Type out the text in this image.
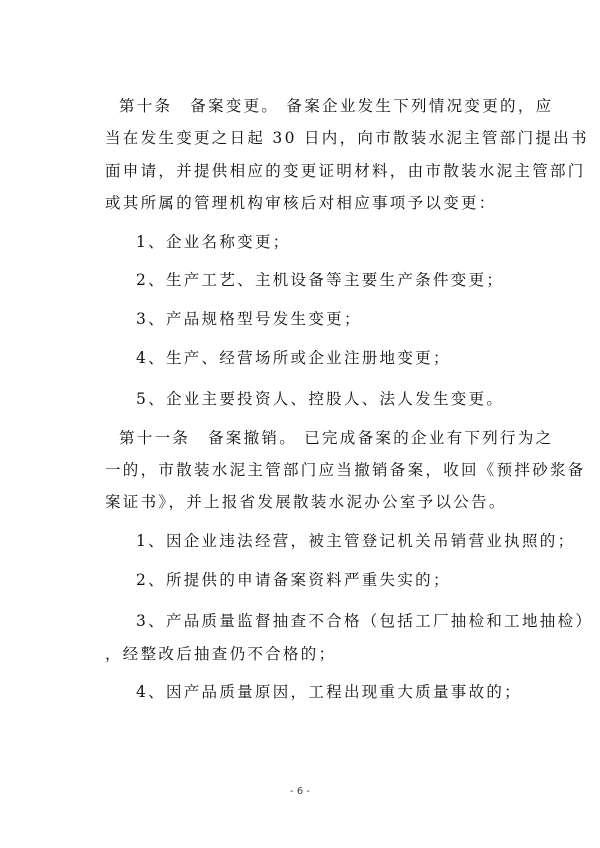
第十条　备案变更。 备案企业发生下列情况变更的，应
当在发生变更之日起 30 日内，向市散装水泥主管部门提出书
面申请，并提供相应的变更证明材料，由市散装水泥主管部门
或其所属的管理机构审核后对相应事项予以变更：
1、企业名称变更；
2、生产工艺、主机设备等主要生产条件变更；
3、产品规格型号发生变更；
4、生产、经营场所或企业注册地变更；
5、企业主要投资人、控股人、法人发生变更。
第十一条　备案撤销。 已完成备案的企业有下列行为之
一的，市散装水泥主管部门应当撤销备案，收回《预拌砂浆备
案证书》，并上报省发展散装水泥办公室予以公告。
1、因企业违法经营，被主管登记机关吊销营业执照的；
2、所提供的申请备案资料严重失实的；
3、产品质量监督抽查不合格（包括工厂抽检和工地抽检）
，经整改后抽查仍不合格的；
4、因产品质量原因，工程出现重大质量事故的；
- 6 -
